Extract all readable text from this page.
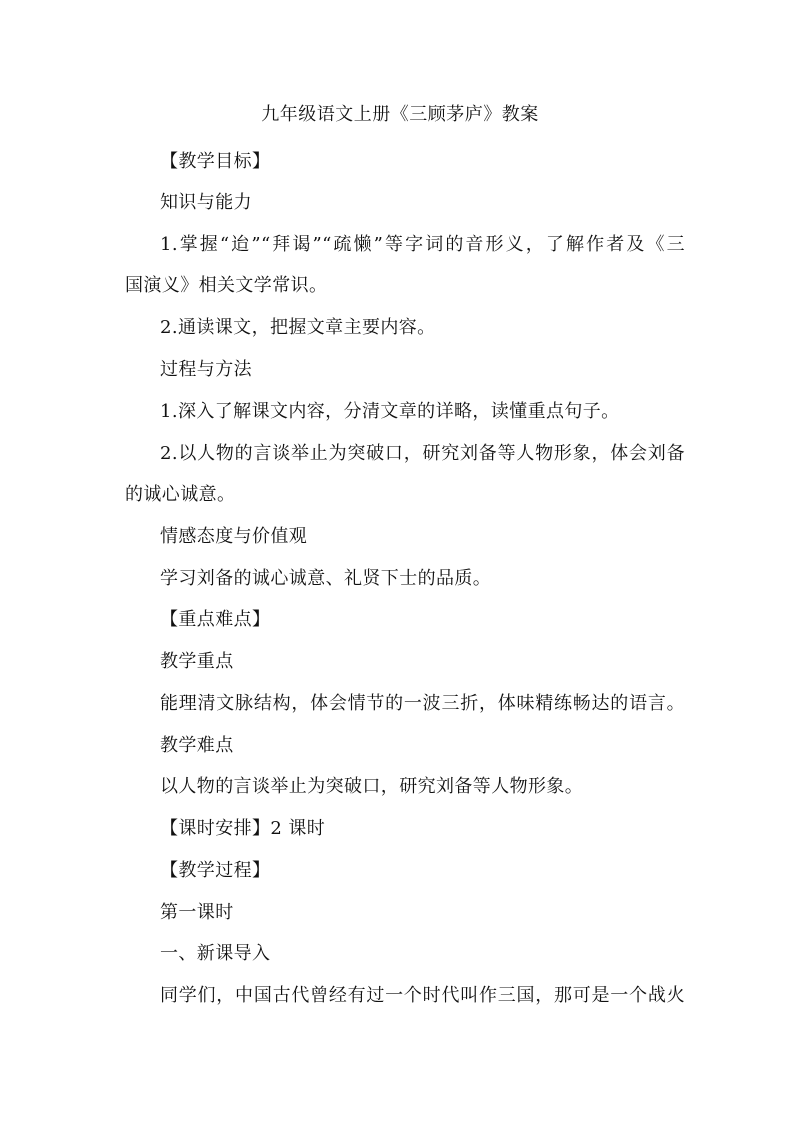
九年级语文上册《三顾茅庐》教案
【教学目标】
知识与能力
1.掌握“迨”“拜谒”“疏懒”等字词的音形义，了解作者及《三
国演义》相关文学常识。
2.通读课文，把握文章主要内容。
过程与方法
1.深入了解课文内容，分清文章的详略，读懂重点句子。
2.以人物的言谈举止为突破口，研究刘备等人物形象，体会刘备
的诚心诚意。
情感态度与价值观
学习刘备的诚心诚意、礼贤下士的品质。
【重点难点】
教学重点
能理清文脉结构，体会情节的一波三折，体味精练畅达的语言。
教学难点
以人物的言谈举止为突破口，研究刘备等人物形象。
【课时安排】2 课时
【教学过程】
第一课时
一、新课导入
同学们，中国古代曾经有过一个时代叫作三国，那可是一个战火
